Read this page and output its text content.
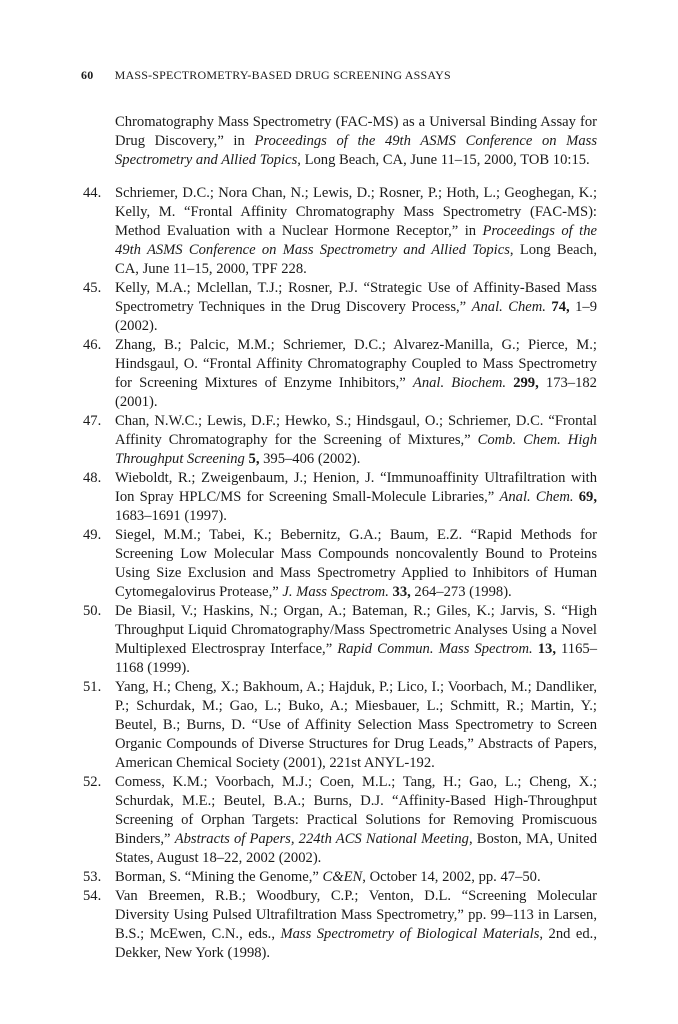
60 MASS-SPECTROMETRY-BASED DRUG SCREENING ASSAYS

Chromatography Mass Spectrometry (FAC-MS) as a Universal Binding Assay for Drug Discovery,” in Proceedings of the 49th ASMS Conference on Mass Spectrometry and Allied Topics, Long Beach, CA, June 11–15, 2000, TOB 10:15.

44. Schriemer, D.C.; Nora Chan, N.; Lewis, D.; Rosner, P.; Hoth, L.; Geoghegan, K.; Kelly, M. “Frontal Affinity Chromatography Mass Spectrometry (FAC-MS): Method Evaluation with a Nuclear Hormone Receptor,” in Proceedings of the 49th ASMS Conference on Mass Spectrometry and Allied Topics, Long Beach, CA, June 11–15, 2000, TPF 228.

45. Kelly, M.A.; Mclellan, T.J.; Rosner, P.J. “Strategic Use of Affinity-Based Mass Spectrometry Techniques in the Drug Discovery Process,” Anal. Chem. 74, 1–9 (2002).

46. Zhang, B.; Palcic, M.M.; Schriemer, D.C.; Alvarez-Manilla, G.; Pierce, M.; Hindsgaul, O. “Frontal Affinity Chromatography Coupled to Mass Spectrometry for Screening Mixtures of Enzyme Inhibitors,” Anal. Biochem. 299, 173–182 (2001).

47. Chan, N.W.C.; Lewis, D.F.; Hewko, S.; Hindsgaul, O.; Schriemer, D.C. “Frontal Affinity Chromatography for the Screening of Mixtures,” Comb. Chem. High Throughput Screening 5, 395–406 (2002).

48. Wieboldt, R.; Zweigenbaum, J.; Henion, J. “Immunoaffinity Ultrafiltration with Ion Spray HPLC/MS for Screening Small-Molecule Libraries,” Anal. Chem. 69, 1683–1691 (1997).

49. Siegel, M.M.; Tabei, K.; Bebernitz, G.A.; Baum, E.Z. “Rapid Methods for Screening Low Molecular Mass Compounds noncovalently Bound to Proteins Using Size Exclusion and Mass Spectrometry Applied to Inhibitors of Human Cytomegalovirus Protease,” J. Mass Spectrom. 33, 264–273 (1998).

50. De Biasil, V.; Haskins, N.; Organ, A.; Bateman, R.; Giles, K.; Jarvis, S. “High Throughput Liquid Chromatography/Mass Spectrometric Analyses Using a Novel Multiplexed Electrospray Interface,” Rapid Commun. Mass Spectrom. 13, 1165–1168 (1999).

51. Yang, H.; Cheng, X.; Bakhoum, A.; Hajduk, P.; Lico, I.; Voorbach, M.; Dandliker, P.; Schurdak, M.; Gao, L.; Buko, A.; Miesbauer, L.; Schmitt, R.; Martin, Y.; Beutel, B.; Burns, D. “Use of Affinity Selection Mass Spectrometry to Screen Organic Compounds of Diverse Structures for Drug Leads,” Abstracts of Papers, American Chemical Society (2001), 221st ANYL-192.

52. Comess, K.M.; Voorbach, M.J.; Coen, M.L.; Tang, H.; Gao, L.; Cheng, X.; Schurdak, M.E.; Beutel, B.A.; Burns, D.J. “Affinity-Based High-Throughput Screening of Orphan Targets: Practical Solutions for Removing Promiscuous Binders,” Abstracts of Papers, 224th ACS National Meeting, Boston, MA, United States, August 18–22, 2002 (2002).

53. Borman, S. “Mining the Genome,” C&EN, October 14, 2002, pp. 47–50.

54. Van Breemen, R.B.; Woodbury, C.P.; Venton, D.L. “Screening Molecular Diversity Using Pulsed Ultrafiltration Mass Spectrometry,” pp. 99–113 in Larsen, B.S.; McEwen, C.N., eds., Mass Spectrometry of Biological Materials, 2nd ed., Dekker, New York (1998).
